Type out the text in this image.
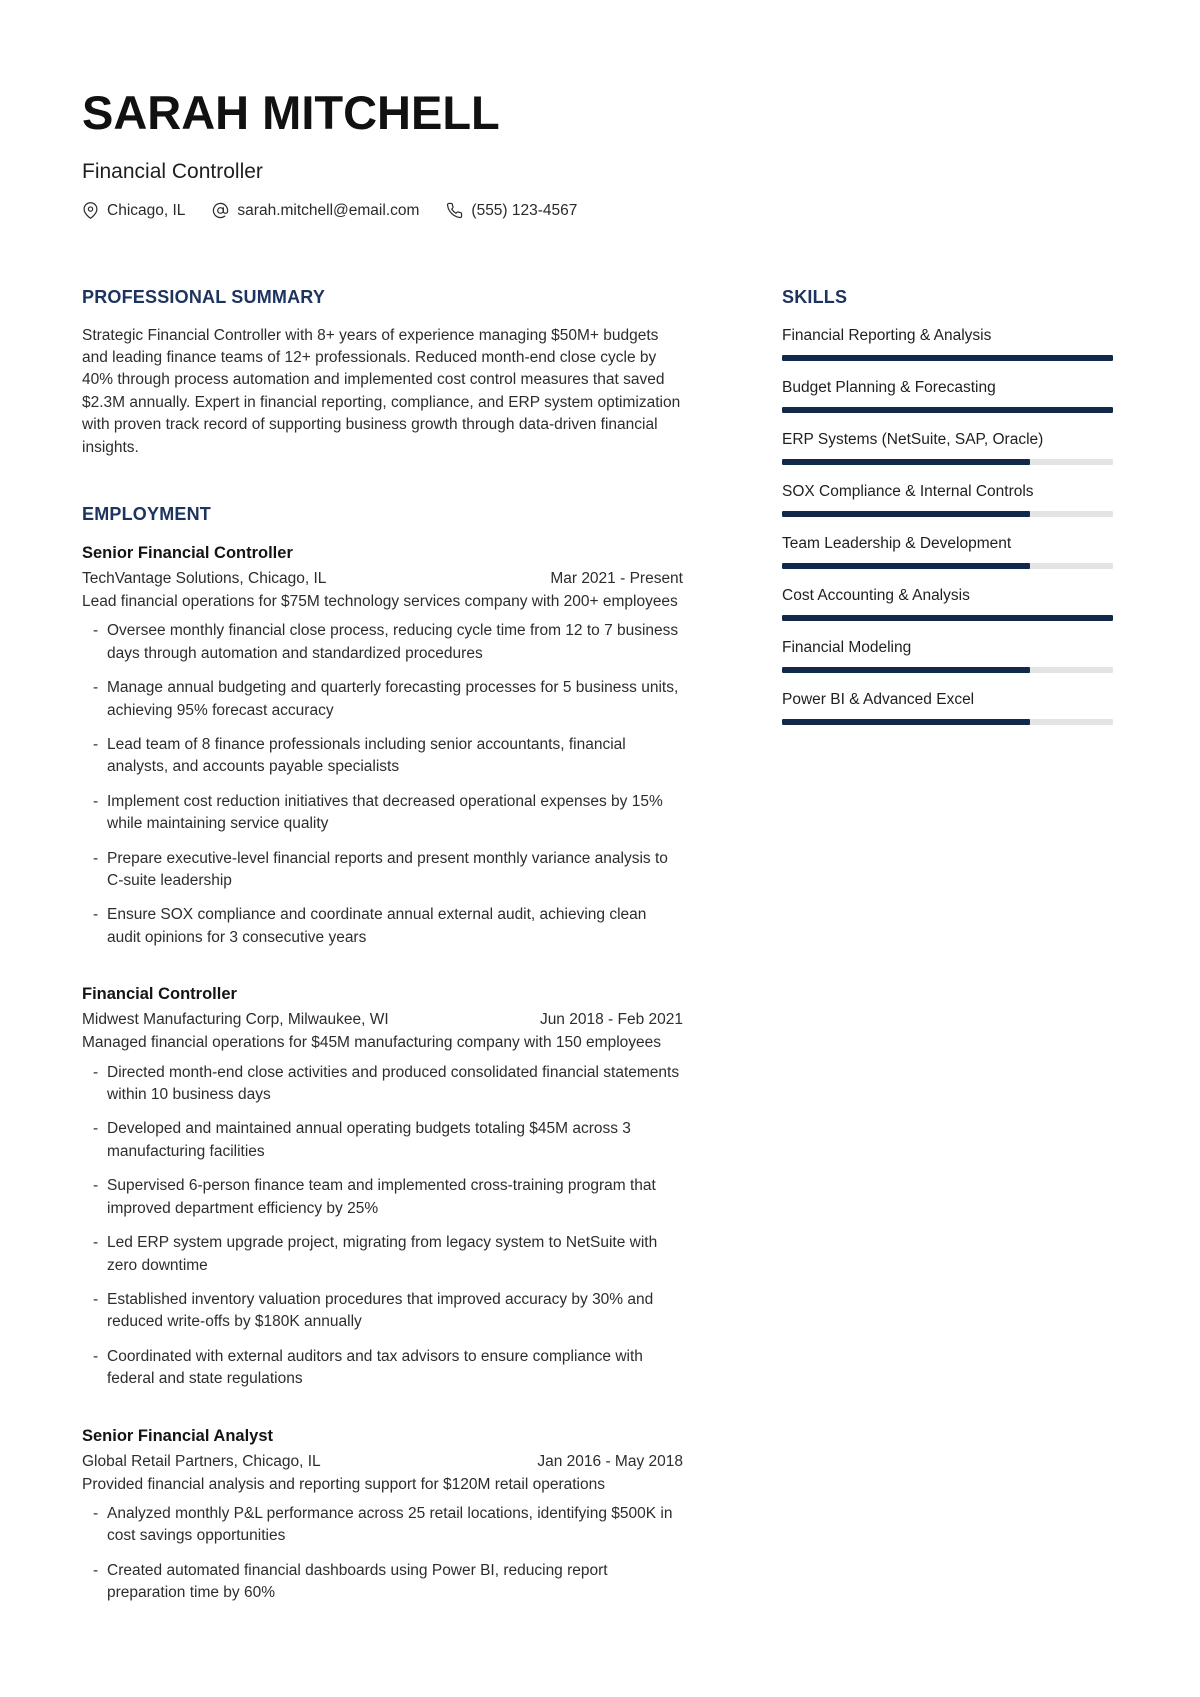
SARAH MITCHELL
Financial Controller
Chicago, IL	sarah.mitchell@email.com	(555) 123-4567
PROFESSIONAL SUMMARY

Strategic Financial Controller with 8+ years of experience managing $50M+ budgets and leading finance teams of 12+ professionals. Reduced month-end close cycle by 40% through process automation and implemented cost control measures that saved $2.3M annually. Expert in financial reporting, compliance, and ERP system optimization with proven track record of supporting business growth through data-driven financial insights.

EMPLOYMENT
Senior Financial Controller
TechVantage Solutions, Chicago, IL	Mar 2021 - Present

Lead financial operations for $75M technology services company with 200+ employees

- Oversee monthly financial close process, reducing cycle time from 12 to 7 business days through automation and standardized procedures
- Manage annual budgeting and quarterly forecasting processes for 5 business units, achieving 95% forecast accuracy
- Lead team of 8 finance professionals including senior accountants, financial analysts, and accounts payable specialists
- Implement cost reduction initiatives that decreased operational expenses by 15% while maintaining service quality
- Prepare executive-level financial reports and present monthly variance analysis to C-suite leadership
- Ensure SOX compliance and coordinate annual external audit, achieving clean audit opinions for 3 consecutive years
Financial Controller
Midwest Manufacturing Corp, Milwaukee, WI	Jun 2018 - Feb 2021

Managed financial operations for $45M manufacturing company with 150 employees

- Directed month-end close activities and produced consolidated financial statements within 10 business days
- Developed and maintained annual operating budgets totaling $45M across 3 manufacturing facilities
- Supervised 6-person finance team and implemented cross-training program that improved department efficiency by 25%
- Led ERP system upgrade project, migrating from legacy system to NetSuite with zero downtime
- Established inventory valuation procedures that improved accuracy by 30% and reduced write-offs by $180K annually
- Coordinated with external auditors and tax advisors to ensure compliance with federal and state regulations
Senior Financial Analyst
Global Retail Partners, Chicago, IL	Jan 2016 - May 2018

Provided financial analysis and reporting support for $120M retail operations

- Analyzed monthly P&L performance across 25 retail locations, identifying $500K in cost savings opportunities
- Created automated financial dashboards using Power BI, reducing report preparation time by 60%
SKILLS
Financial Reporting & Analysis
Budget Planning & Forecasting
ERP Systems (NetSuite, SAP, Oracle)
SOX Compliance & Internal Controls
Team Leadership & Development
Cost Accounting & Analysis
Financial Modeling
Power BI & Advanced Excel
